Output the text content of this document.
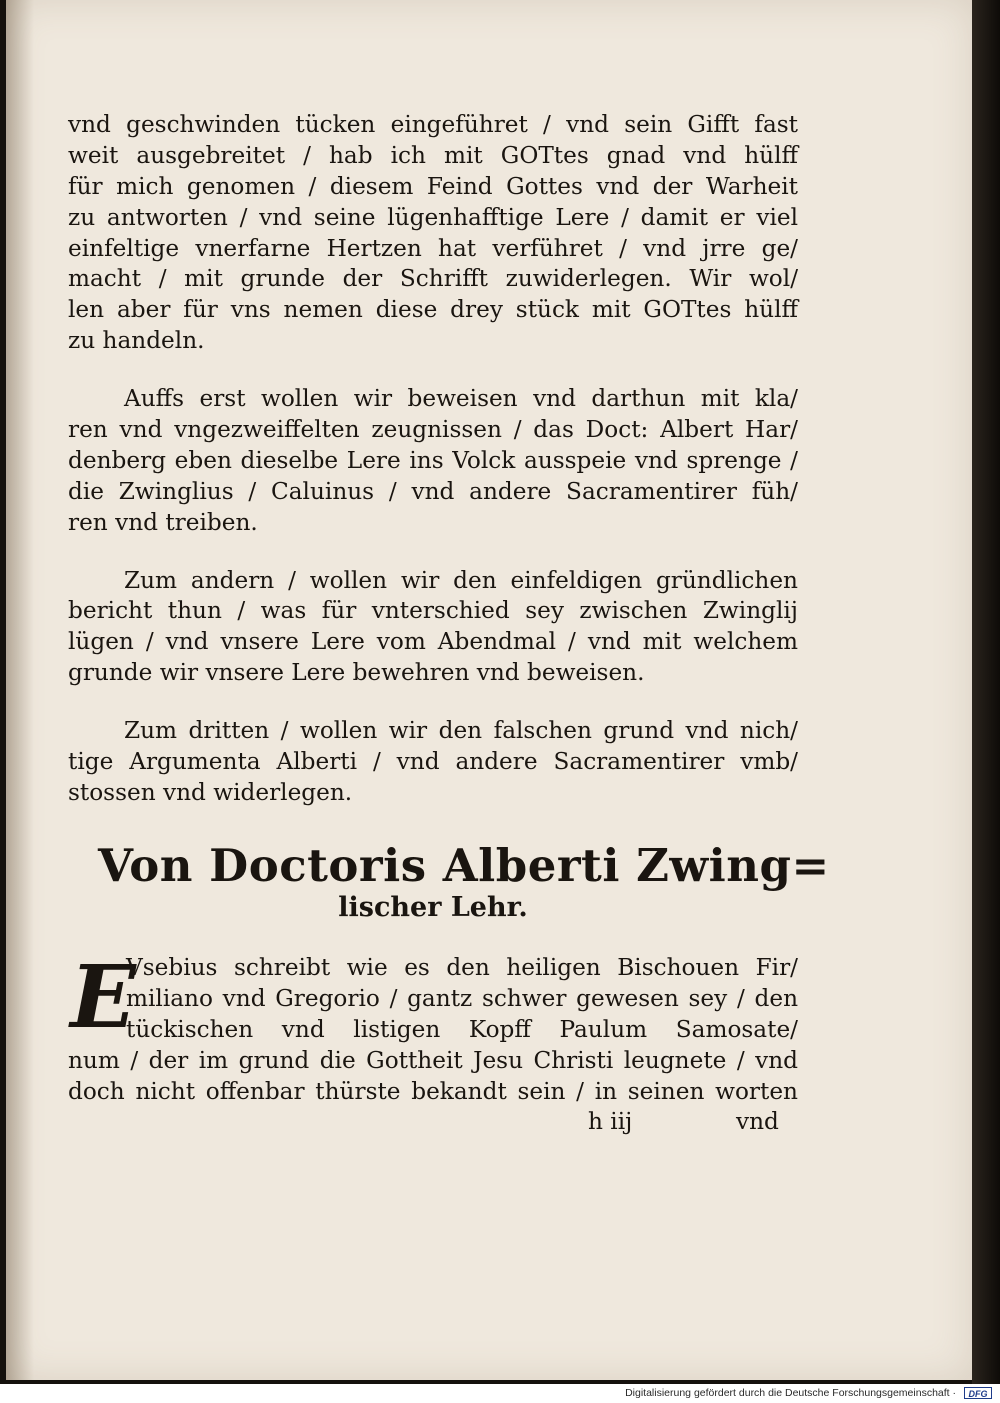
vnd geschwinden tücken eingeführet / vnd sein Gifft fast
weit ausgebreitet / hab ich mit GOTtes gnad vnd hülff
für mich genomen / diesem Feind Gottes vnd der Warheit
zu antworten / vnd seine lügenhafftige Lere / damit er viel
einfeltige vnerfarne Hertzen hat verführet / vnd jrre ge/
macht / mit grunde der Schrifft zuwiderlegen. Wir wol/
len aber für vns nemen diese drey stück mit GOTtes hülff
zu handeln.
Auffs erst wollen wir beweisen vnd darthun mit kla/
ren vnd vngezweiffelten zeugnissen / das Doct: Albert Har/
denberg eben dieselbe Lere ins Volck ausspeie vnd sprenge /
die Zwinglius / Caluinus / vnd andere Sacramentirer füh/
ren vnd treiben.
Zum andern / wollen wir den einfeldigen gründlichen
bericht thun / was für vnterschied sey zwischen Zwinglij
lügen / vnd vnsere Lere vom Abendmal / vnd mit welchem
grunde wir vnsere Lere bewehren vnd beweisen.
Zum dritten / wollen wir den falschen grund vnd nich/
tige Argumenta Alberti / vnd andere Sacramentirer vmb/
stossen vnd widerlegen.
Von Doctoris Alberti Zwing=
lischer Lehr.
E
Vsebius schreibt wie es den heiligen Bischouen Fir/
miliano vnd Gregorio / gantz schwer gewesen sey / den
tückischen vnd listigen Kopff Paulum Samosate/
num / der im grund die Gottheit Jesu Christi leugnete / vnd
doch nicht offenbar thürste bekandt sein / in seinen worten
h iij	vnd
Digitalisierung gefördert durch die Deutsche Forschungsgemeinschaft ·	DFG
